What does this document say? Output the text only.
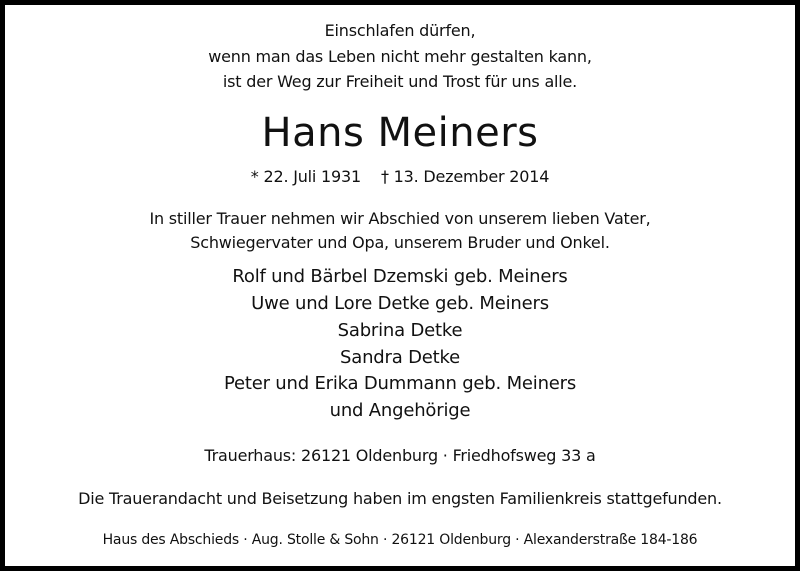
Einschlafen dürfen,
wenn man das Leben nicht mehr gestalten kann,
ist der Weg zur Freiheit und Trost für uns alle.
Hans Meiners
* 22. Juli 1931 † 13. Dezember 2014
In stiller Trauer nehmen wir Abschied von unserem lieben Vater,
Schwiegervater und Opa, unserem Bruder und Onkel.
Rolf und Bärbel Dzemski geb. Meiners
Uwe und Lore Detke geb. Meiners
Sabrina Detke
Sandra Detke
Peter und Erika Dummann geb. Meiners
und Angehörige
Trauerhaus: 26121 Oldenburg · Friedhofsweg 33 a
Die Trauerandacht und Beisetzung haben im engsten Familienkreis stattgefunden.
Haus des Abschieds · Aug. Stolle & Sohn · 26121 Oldenburg · Alexanderstraße 184-186
